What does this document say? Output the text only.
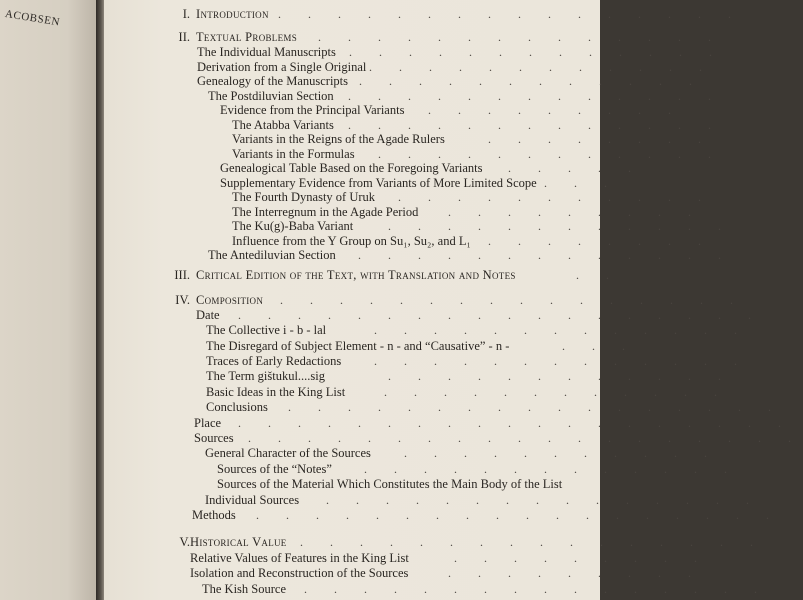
ACOBSEN	I. Introduction
II. Textual Problems
The Individual Manuscripts
Derivation from a Single Original
Genealogy of the Manuscripts
The Postdiluvian Section
Evidence from the Principal Variants
The Atabba Variants
Variants in the Reigns of the Agade Rulers
Variants in the Formulas
Genealogical Table Based on the Foregoing Variants
Supplementary Evidence from Variants of More Limited Scope
The Fourth Dynasty of Uruk
The Interregnum in the Agade Period
The Ku(g)-Baba Variant
Influence from the Y Group on Su₁, Su₂, and L₁
The Antediluvian Section
III. Critical Edition of the Text, with Translation and Notes
IV. Composition
Date
The Collective i - b - lal
The Disregard of Subject Element - n - and “Causative” - n -
Traces of Early Redactions
The Term gištukul....sig
Basic Ideas in the King List
Conclusions
Place
Sources
General Character of the Sources
Sources of the “Notes”
Sources of the Material Which Constitutes the Main Body of the List
Individual Sources
Methods
V. Historical Value
Relative Values of Features in the King List
Isolation and Reconstruction of the Sources
The Kish Source
. . . . . . . . . . . . . . . .
. . . . . . . . . . . . . . .
. . . . . . . . . . . . .
. . . . . . . . . . . .
. . . . . . . . . . . .
. . . . . . . . . . . . .
. . . . . . . . .
. . . . . . . . . . . . .
. . . . . . . .
. . . . . . . . . . . .
. . . . .
. . .
. . . . . . . . . . .
. . . . . . . . .
. . . . . . . . . . . .
. . . . . . . .
. . . . . . . . . . . . .
. .
. . . . . . . . . . . . . . . .
. . . . . . . . . . . . . . . . . .
. . . . . . . . . . . . .
. . .
. . . . . . . . . . . . .
. . . . . . . . . . . .
. . . . . . . . . . . .
. . . . . . . . . . . . . . . . .
. . . . . . . . . . . . . . . . . . .
. . . . . . . . . . . . . . . . . . .
. . . . . . . . . . .
. . . . . . . . . . . . .
. . . . . . . . . . . . . . .
. . . . . . . . . . . . . . . . . .
. . . . . . . . . . . . . . . .
. . . . . . . . .
. . . . . . . . .
. . . . . . . . . . . . . . . .
